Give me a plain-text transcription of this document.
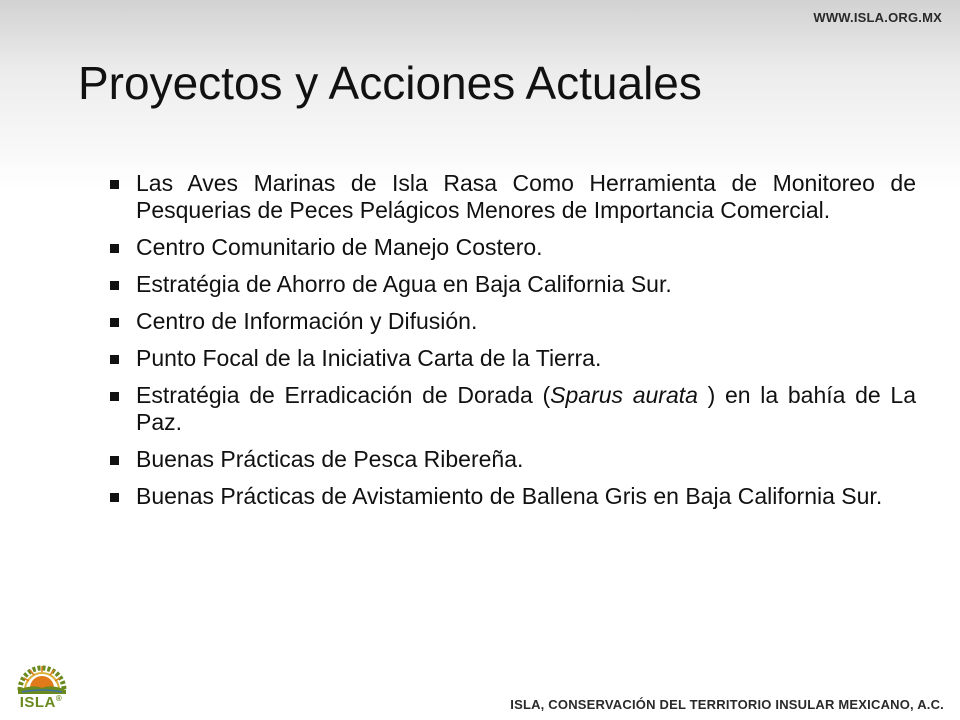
WWW.ISLA.ORG.MX
Proyectos y Acciones Actuales
Las Aves Marinas de Isla Rasa Como Herramienta de Monitoreo de Pesquerias de Peces Pelágicos Menores de Importancia Comercial.
Centro Comunitario de Manejo Costero.
Estratégia de Ahorro de Agua en Baja California Sur.
Centro de Información y Difusión.
Punto Focal de la Iniciativa Carta de la Tierra.
Estratégia de Erradicación de Dorada (Sparus aurata ) en la bahía de La Paz.
Buenas Prácticas de Pesca Ribereña.
Buenas Prácticas de Avistamiento de Ballena Gris en Baja California Sur.
ISLA®	ISLA, CONSERVACIÓN DEL TERRITORIO INSULAR MEXICANO, A.C.
